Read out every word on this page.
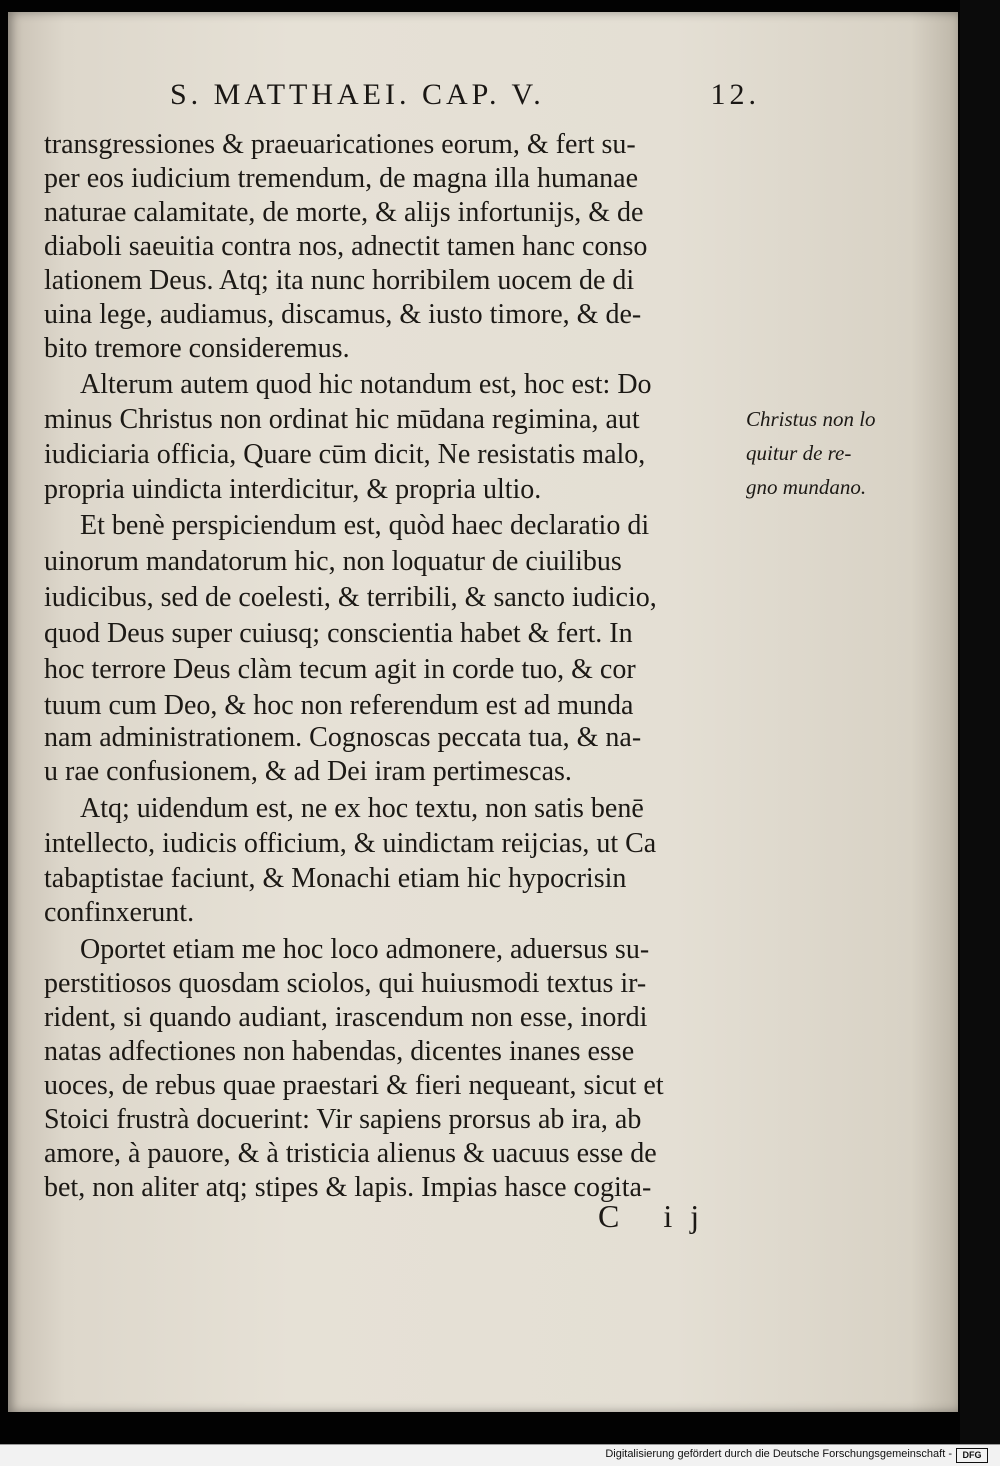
S. MATTHAEI. CAP. V.	12.
transgressiones & praeuaricationes eorum, & fert su-
per eos iudicium tremendum, de magna illa humanae
naturae calamitate, de morte, & alijs infortunijs, & de
diaboli saeuitia contra nos, adnectit tamen hanc conso
lationem Deus. Atq; ita nunc horribilem uocem de di
uina lege, audiamus, discamus, & iusto timore, & de-
bito tremore consideremus.
Alterum autem quod hic notandum est, hoc est: Do
minus Christus non ordinat hic mūdana regimina, aut
iudiciaria officia, Quare cūm dicit, Ne resistatis malo,
propria uindicta interdicitur, & propria ultio.
Et benè perspiciendum est, quòd haec declaratio di
uinorum mandatorum hic, non loquatur de ciuilibus
iudicibus, sed de coelesti, & terribili, & sancto iudicio,
quod Deus super cuiusq; conscientia habet & fert. In
hoc terrore Deus clàm tecum agit in corde tuo, & cor
tuum cum Deo, & hoc non referendum est ad munda
nam administrationem. Cognoscas peccata tua, & na-
u rae confusionem, & ad Dei iram pertimescas.
Atq; uidendum est, ne ex hoc textu, non satis benē
intellecto, iudicis officium, & uindictam reijcias, ut Ca
tabaptistae faciunt, & Monachi etiam hic hypocrisin
confinxerunt.
Oportet etiam me hoc loco admonere, aduersus su-
perstitiosos quosdam sciolos, qui huiusmodi textus ir-
rident, si quando audiant, irascendum non esse, inordi
natas adfectiones non habendas, dicentes inanes esse
uoces, de rebus quae praestari & fieri nequeant, sicut et
Stoici frustrà docuerint: Vir sapiens prorsus ab ira, ab
amore, à pauore, & à tristicia alienus & uacuus esse de
bet, non aliter atq; stipes & lapis. Impias hasce cogita-
Christus non lo
quitur de re-
gno mundano.
C ij
Digitalisierung gefördert durch die Deutsche Forschungsgemeinschaft -	DFG
